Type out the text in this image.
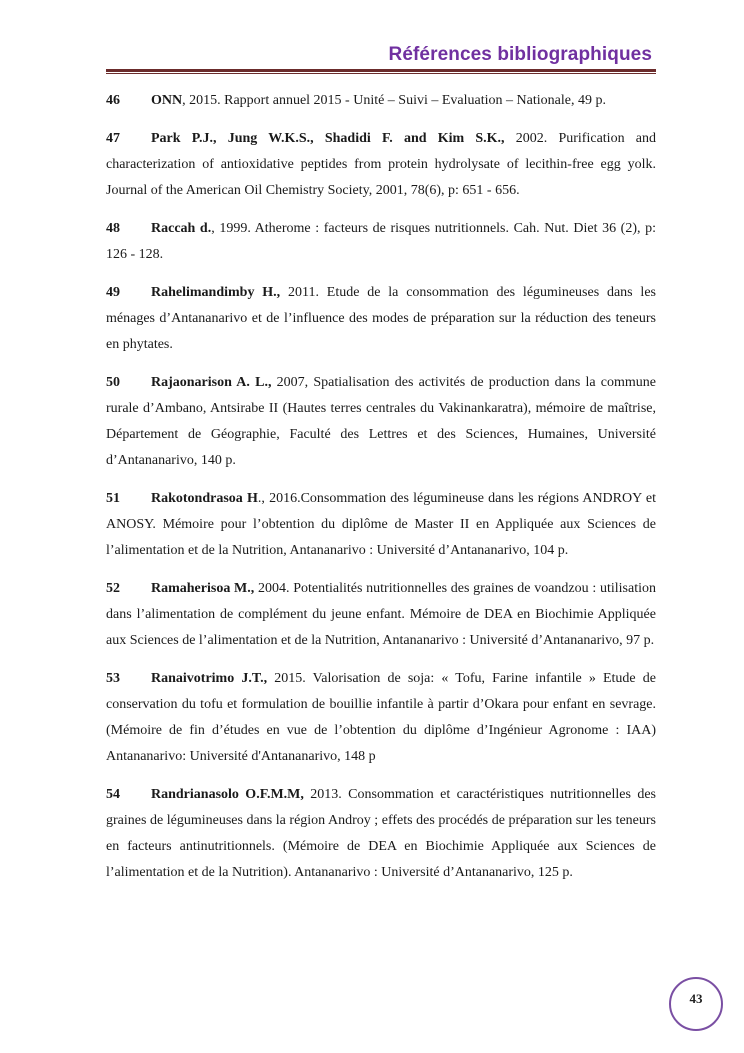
Références bibliographiques

46 ONN, 2015. Rapport annuel 2015 - Unité – Suivi – Evaluation – Nationale, 49 p.

47 Park P.J., Jung W.K.S., Shadidi F. and Kim S.K., 2002. Purification and characterization of antioxidative peptides from protein hydrolysate of lecithin-free egg yolk. Journal of the American Oil Chemistry Society, 2001, 78(6), p: 651 - 656.

48 Raccah d., 1999. Atherome : facteurs de risques nutritionnels. Cah. Nut. Diet 36 (2), p: 126 - 128.

49 Rahelimandimby H., 2011. Etude de la consommation des légumineuses dans les ménages d’Antananarivo et de l’influence des modes de préparation sur la réduction des teneurs en phytates.

50 Rajaonarison A. L., 2007, Spatialisation des activités de production dans la commune rurale d’Ambano, Antsirabe II (Hautes terres centrales du Vakinankaratra), mémoire de maîtrise, Département de Géographie, Faculté des Lettres et des Sciences, Humaines, Université d’Antananarivo, 140 p.

51 Rakotondrasoa H., 2016.Consommation des légumineuse dans les régions ANDROY et ANOSY. Mémoire pour l’obtention du diplôme de Master II en Appliquée aux Sciences de l’alimentation et de la Nutrition, Antananarivo : Université d’Antananarivo, 104 p.

52 Ramaherisoa M., 2004. Potentialités nutritionnelles des graines de voandzou : utilisation dans l’alimentation de complément du jeune enfant. Mémoire de DEA en Biochimie Appliquée aux Sciences de l’alimentation et de la Nutrition, Antananarivo : Université d’Antananarivo, 97 p.

53 Ranaivotrimo J.T., 2015. Valorisation de soja: « Tofu, Farine infantile » Etude de conservation du tofu et formulation de bouillie infantile à partir d’Okara pour enfant en sevrage. (Mémoire de fin d’études en vue de l’obtention du diplôme d’Ingénieur Agronome : IAA) Antananarivo: Université d'Antananarivo, 148 p

54 Randrianasolo O.F.M.M, 2013. Consommation et caractéristiques nutritionnelles des graines de légumineuses dans la région Androy ; effets des procédés de préparation sur les teneurs en facteurs antinutritionnels. (Mémoire de DEA en Biochimie Appliquée aux Sciences de l’alimentation et de la Nutrition). Antananarivo : Université d’Antananarivo, 125 p.

43
